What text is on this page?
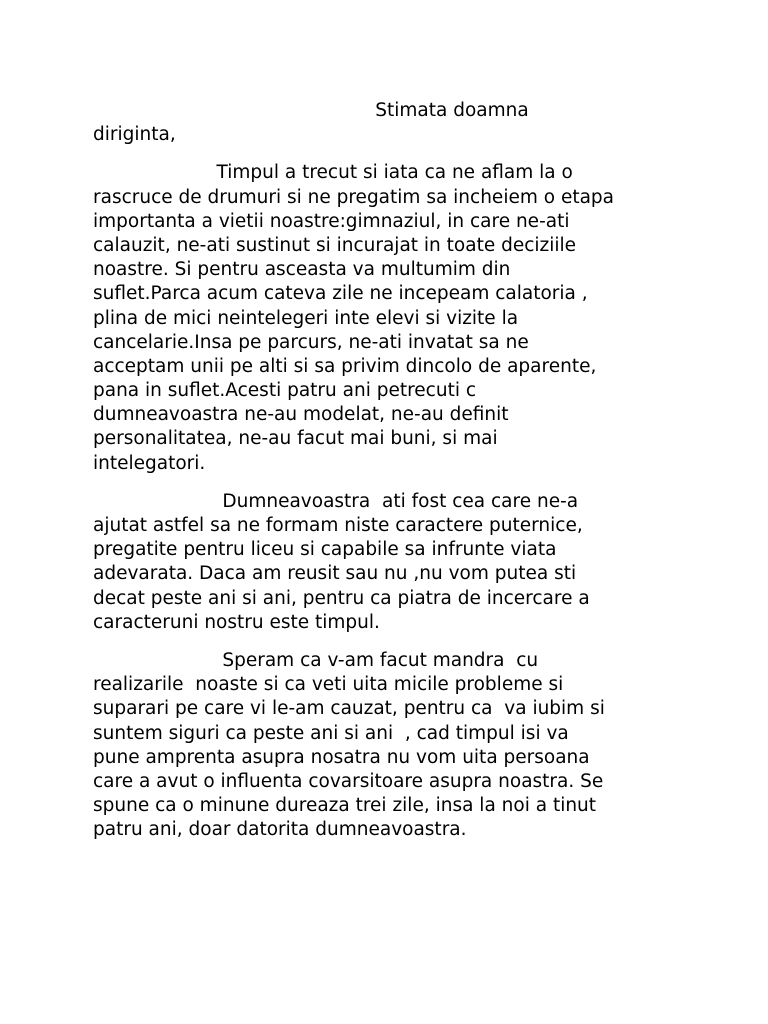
Stimata doamna
diriginta,
Timpul a trecut si iata ca ne aflam la o
rascruce de drumuri si ne pregatim sa incheiem o etapa
importanta a vietii noastre:gimnaziul, in care ne-ati
calauzit, ne-ati sustinut si incurajat in toate deciziile
noastre. Si pentru asceasta va multumim din
suflet.Parca acum cateva zile ne incepeam calatoria ,
plina de mici neintelegeri inte elevi si vizite la
cancelarie.Insa pe parcurs, ne-ati invatat sa ne
acceptam unii pe alti si sa privim dincolo de aparente,
pana in suflet.Acesti patru ani petrecuti c
dumneavoastra ne-au modelat, ne-au definit
personalitatea, ne-au facut mai buni, si mai
intelegatori.
Dumneavoastra  ati fost cea care ne-a
ajutat astfel sa ne formam niste caractere puternice,
pregatite pentru liceu si capabile sa infrunte viata
adevarata. Daca am reusit sau nu ,nu vom putea sti
decat peste ani si ani, pentru ca piatra de incercare a
caracteruni nostru este timpul.
Speram ca v-am facut mandra  cu
realizarile  noaste si ca veti uita micile probleme si
suparari pe care vi le-am cauzat, pentru ca  va iubim si
suntem siguri ca peste ani si ani  , cad timpul isi va
pune amprenta asupra nosatra nu vom uita persoana
care a avut o influenta covarsitoare asupra noastra. Se
spune ca o minune dureaza trei zile, insa la noi a tinut
patru ani, doar datorita dumneavoastra.
